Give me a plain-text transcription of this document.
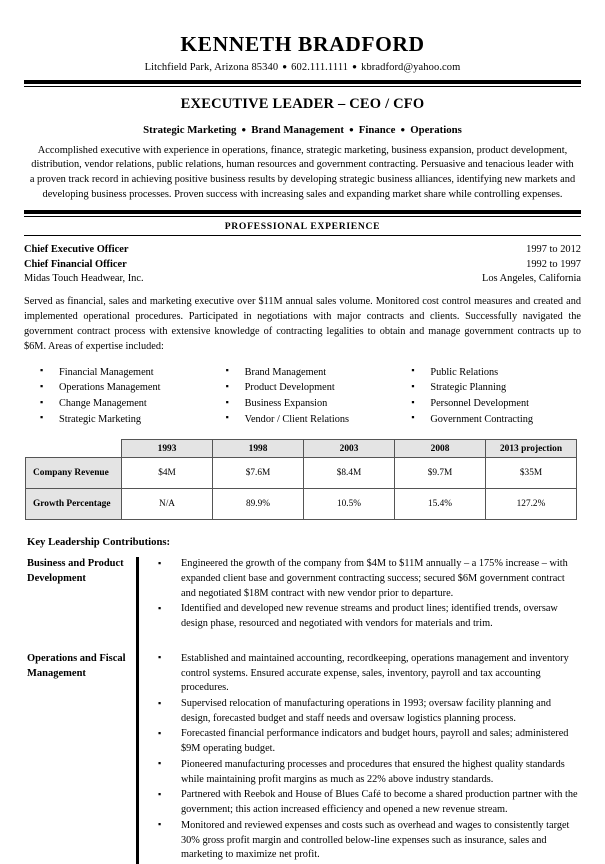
KENNETH BRADFORD
Litchfield Park, Arizona 85340 ● 602.111.1111 ● kbradford@yahoo.com
EXECUTIVE LEADER – CEO / CFO
Strategic Marketing ● Brand Management ● Finance ● Operations

Accomplished executive with experience in operations, finance, strategic marketing, business expansion, product development, distribution, vendor relations, public relations, human resources and government contracting. Persuasive and tenacious leader with a proven track record in achieving positive business results by developing strategic business alliances, identifying new markets and developing business processes. Proven success with increasing sales and expanding market share while controlling expenses.

PROFESSIONAL EXPERIENCE
Chief Executive Officer	1997 to 2012
Chief Financial Officer	1992 to 1997
Midas Touch Headwear, Inc.	Los Angeles, California

Served as financial, sales and marketing executive over $11M annual sales volume. Monitored cost control measures and created and implemented operational procedures. Participated in negotiations with major contracts and clients. Successfully navigated the government contract process with extensive knowledge of contracting legalities to obtain and manage government contracts up to $6M. Areas of expertise included:

▪ Financial Management
▪ Operations Management
▪ Change Management
▪ Strategic Marketing
▪ Brand Management
▪ Product Development
▪ Business Expansion
▪ Vendor / Client Relations
▪ Public Relations
▪ Strategic Planning
▪ Personnel Development
▪ Government Contracting
	1993	1998	2003	2008	2013 projection
Company Revenue	$4M	$7.6M	$8.4M	$9.7M	$35M
Growth Percentage	N/A	89.9%	10.5%	15.4%	127.2%
Key Leadership Contributions:
Business and Product Development
▪ Engineered the growth of the company from $4M to $11M annually – a 175% increase – with expanded client base and government contracting success; secured $6M government contract and negotiated $18M contract with new vendor prior to departure.
▪ Identified and developed new revenue streams and product lines; identified trends, oversaw design phase, resourced and negotiated with vendors for materials and trim.
Operations and Fiscal Management
▪ Established and maintained accounting, recordkeeping, operations management and inventory control systems. Ensured accurate expense, sales, inventory, payroll and tax accounting procedures.
▪ Supervised relocation of manufacturing operations in 1993; oversaw facility planning and design, forecasted budget and staff needs and oversaw logistics planning process.
▪ Forecasted financial performance indicators and budget hours, payroll and sales; administered $9M operating budget.
▪ Pioneered manufacturing processes and procedures that ensured the highest quality standards while maintaining profit margins as much as 22% above industry standards.
▪ Partnered with Reebok and House of Blues Café to become a shared production partner with the government; this action increased efficiency and opened a new revenue stream.
▪ Monitored and reviewed expenses and costs such as overhead and wages to consistently target 30% gross profit margin and controlled below-line expenses such as insurance, sales and marketing to maximize net profit.
